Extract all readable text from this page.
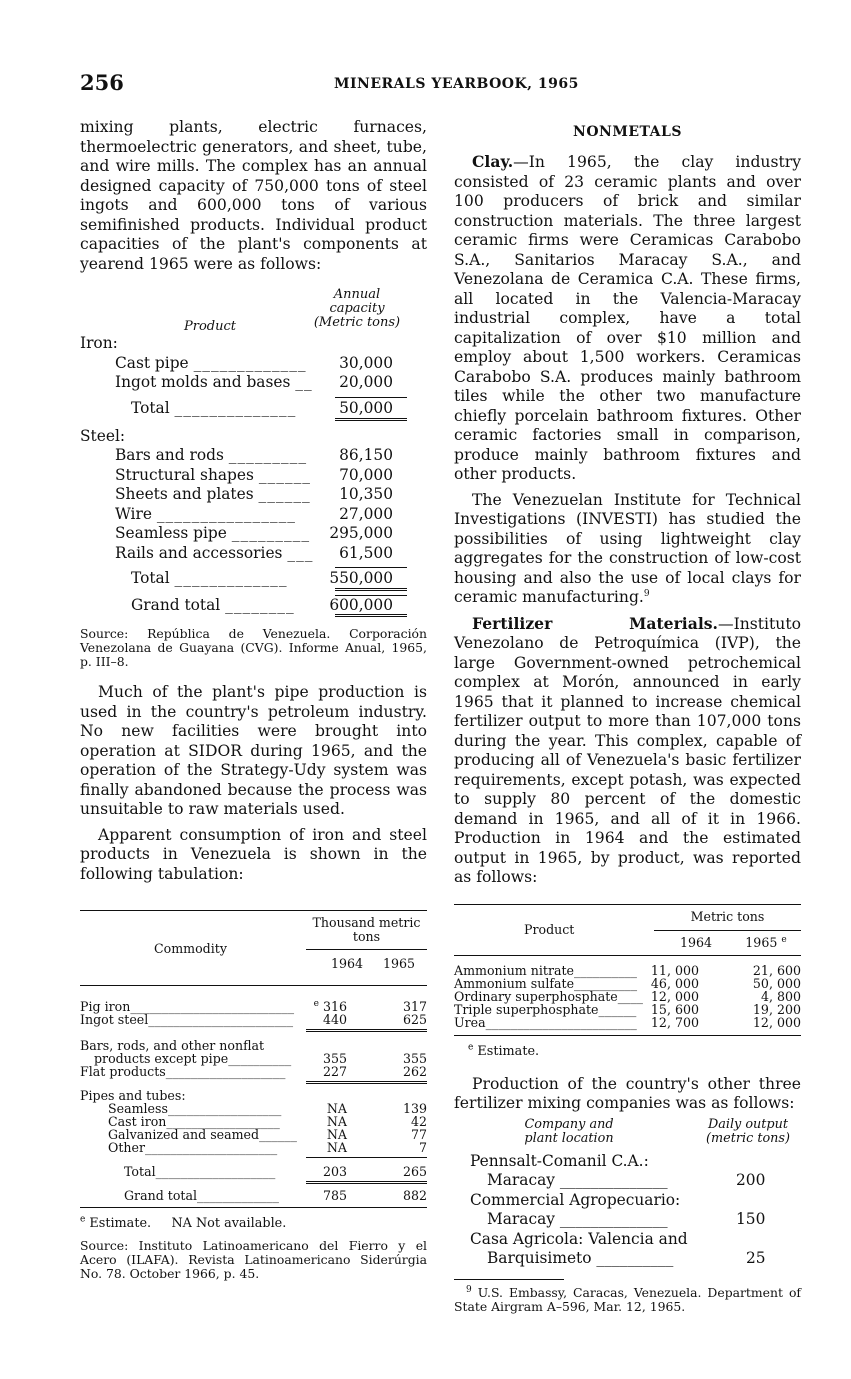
256	MINERALS YEARBOOK, 1965

mixing plants, electric furnaces, thermoelectric generators, and sheet, tube, and wire mills. The complex has an annual designed capacity of 750,000 tons of steel ingots and 600,000 tons of various semifinished products. Individual product capacities of the plant's components at yearend 1965 were as follows:

Product
Annual capacity (Metric tons)
Iron:
Cast pipe _____________ 30,000
Ingot molds and bases __ 20,000
Total ______________	50,000
Steel:
Bars and rods _________ 86,150
Structural shapes ______ 70,000
Sheets and plates ______ 10,350
Wire ________________	27,000
Seamless pipe _________ 295,000
Rails and accessories ___ 61,500
Total _____________	550,000
Grand total ________ 600,000

Source: República de Venezuela. Corporación Venezolana de Guayana (CVG). Informe Anual, 1965, p. III–8.

Much of the plant's pipe production is used in the country's petroleum industry. No new facilities were brought into operation at SIDOR during 1965, and the operation of the Strategy-Udy system was finally abandoned because the process was unsuitable to raw materials used.

Apparent consumption of iron and steel products in Venezuela is shown in the following tabulation:

Commodity
Thousand metric tons
1964	1965
Pig iron__________________________ $^e$ 316	317
Ingot steel_______________________ 440	625
Bars, rods, and other nonflat
products except pipe__________	355	355
Flat products___________________	227	262
Pipes and tubes:
Seamless__________________	NA	139
Cast iron__________________	NA	42
Galvanized and seamed______ NA	77
Other_____________________	NA	7
Total___________________	203	265
Grand total_____________	785	882

$^e$ Estimate. NA Not available.

Source: Instituto Latinoamericano del Fierro y el Acero (ILAFA). Revista Latinoamericano Siderúrgia No. 78. October 1966, p. 45.

NONMETALS

Clay.—In 1965, the clay industry consisted of 23 ceramic plants and over 100 producers of brick and similar construction materials. The three largest ceramic firms were Ceramicas Carabobo S.A., Sanitarios Maracay S.A., and Venezolana de Ceramica C.A. These firms, all located in the Valencia-Maracay industrial complex, have a total capitalization of over $10 million and employ about 1,500 workers. Ceramicas Carabobo S.A. produces mainly bathroom tiles while the other two manufacture chiefly porcelain bathroom fixtures. Other ceramic factories small in comparison, produce mainly bathroom fixtures and other products.

The Venezuelan Institute for Technical Investigations (INVESTI) has studied the possibilities of using lightweight clay aggregates for the construction of low-cost housing and also the use of local clays for ceramic manufacturing.$^9$

Fertilizer Materials.—Instituto Venezolano de Petroquímica (IVP), the large Government-owned petrochemical complex at Morón, announced in early 1965 that it planned to increase chemical fertilizer output to more than 107,000 tons during the year. This complex, capable of producing all of Venezuela's basic fertilizer requirements, except potash, was expected to supply 80 percent of the domestic demand in 1965, and all of it in 1966. Production in 1964 and the estimated output in 1965, by product, was reported as follows:

Product
Metric tons
1964	1965 $^e$
Ammonium nitrate__________ 11, 000	21, 600
Ammonium sulfate__________ 46, 000	50, 000
Ordinary superphosphate____ 12, 000	4, 800
Triple superphosphate______ 15, 600	19, 200
Urea________________________ 12, 700	12, 000

$^e$ Estimate.

Production of the country's other three fertilizer mixing companies was as follows:

Company and plant location
Daily output (metric tons)
Pennsalt-Comanil C.A.:
Maracay ______________	200
Commercial Agropecuario:
Maracay ______________	150
Casa Agricola: Valencia and
Barquisimeto __________	25

$^9$ U.S. Embassy, Caracas, Venezuela. Department of State Airgram A–596, Mar. 12, 1965.
